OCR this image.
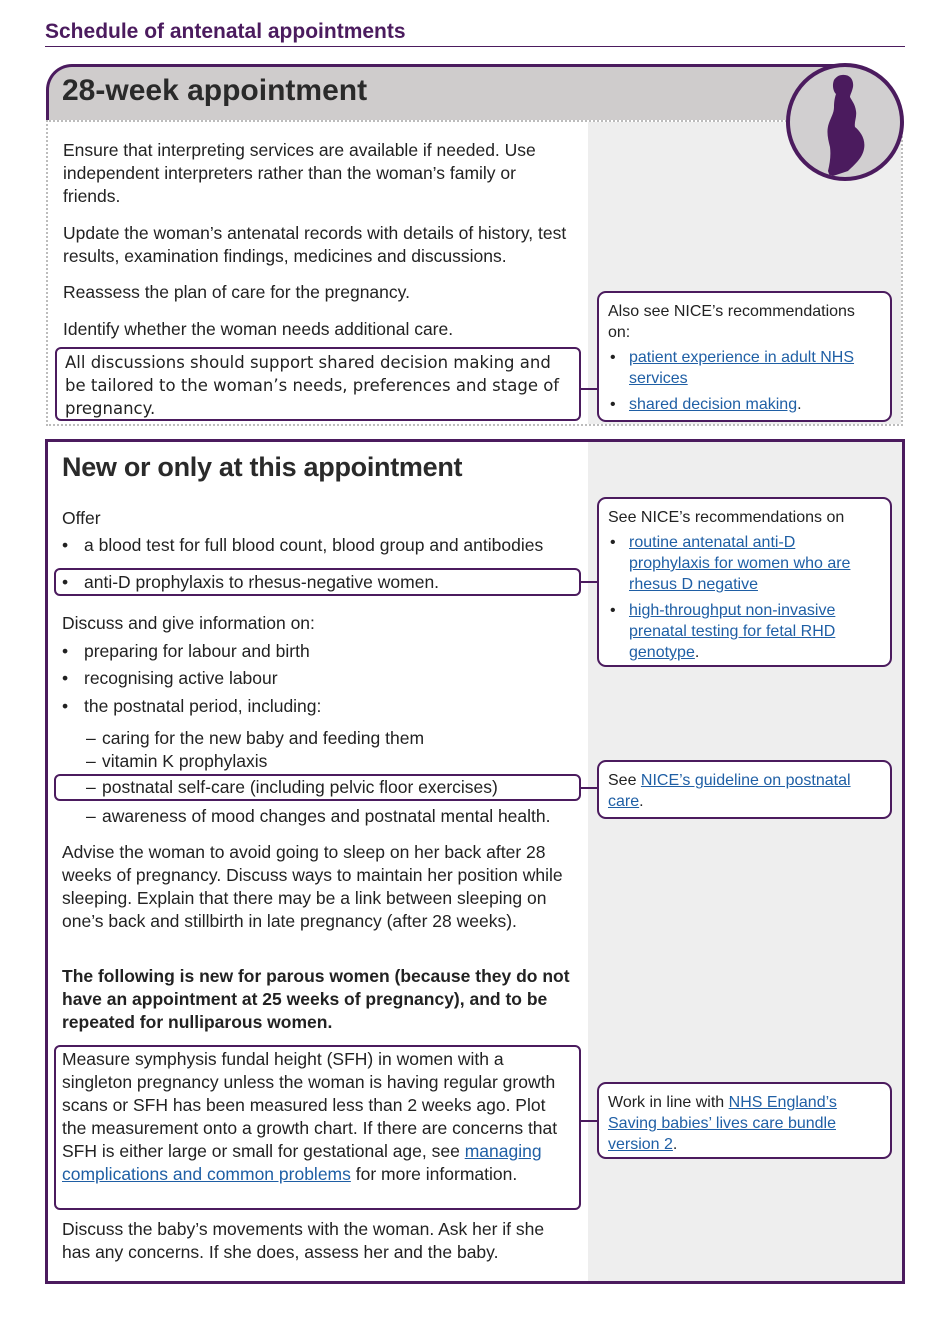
Schedule of antenatal appointments
28-week appointment
Ensure that interpreting services are available if needed. Use independent interpreters rather than the woman’s family or friends.
Update the woman’s antenatal records with details of history, test results, examination findings, medicines and discussions.
Reassess the plan of care for the pregnancy.
Identify whether the woman needs additional care.
All discussions should support shared decision making and be tailored to the woman’s needs, preferences and stage of pregnancy.
Also see NICE’s recommendations on:
• patient experience in adult NHS services
• shared decision making.
New or only at this appointment
Offer
• a blood test for full blood count, blood group and antibodies
• anti-D prophylaxis to rhesus-negative women.
Discuss and give information on:
• preparing for labour and birth
• recognising active labour
• the postnatal period, including:
– caring for the new baby and feeding them
– vitamin K prophylaxis
– postnatal self-care (including pelvic floor exercises)
– awareness of mood changes and postnatal mental health.
Advise the woman to avoid going to sleep on her back after 28 weeks of pregnancy. Discuss ways to maintain her position while sleeping. Explain that there may be a link between sleeping on one’s back and stillbirth in late pregnancy (after 28 weeks).
The following is new for parous women (because they do not have an appointment at 25 weeks of pregnancy), and to be repeated for nulliparous women.
Measure symphysis fundal height (SFH) in women with a singleton pregnancy unless the woman is having regular growth scans or SFH has been measured less than 2 weeks ago. Plot the measurement onto a growth chart. If there are concerns that SFH is either large or small for gestational age, see managing complications and common problems for more information.
Discuss the baby’s movements with the woman. Ask her if she has any concerns. If she does, assess her and the baby.
See NICE’s recommendations on
• routine antenatal anti-D prophylaxis for women who are rhesus D negative
• high-throughput non-invasive prenatal testing for fetal RHD genotype.
See NICE’s guideline on postnatal care.
Work in line with NHS England’s Saving babies’ lives care bundle version 2.
